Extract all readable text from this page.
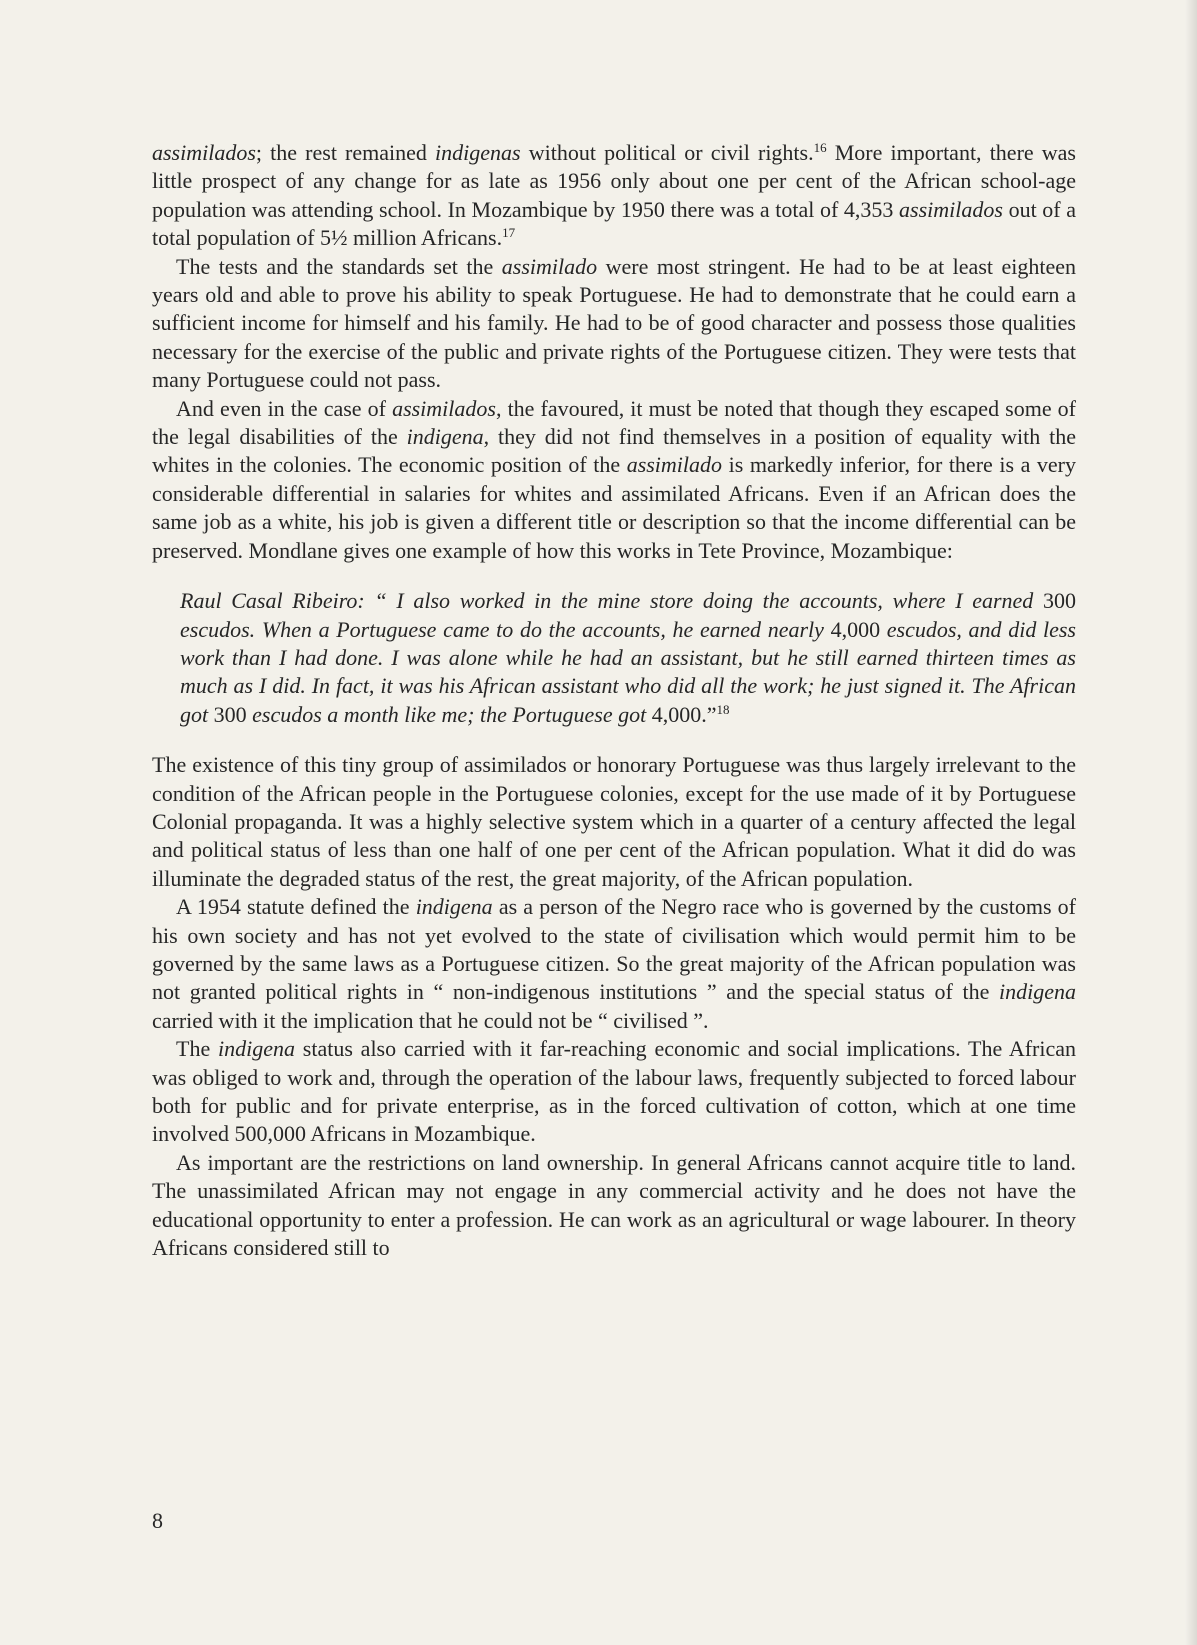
assimilados; the rest remained indigenas without political or civil rights.$^{16}$ More important, there was little prospect of any change for as late as 1956 only about one per cent of the African school-age population was attending school. In Mozambique by 1950 there was a total of 4,353 assimilados out of a total population of 5½ million Africans.$^{17}$

The tests and the standards set the assimilado were most stringent. He had to be at least eighteen years old and able to prove his ability to speak Portuguese. He had to demonstrate that he could earn a sufficient income for himself and his family. He had to be of good character and possess those qualities necessary for the exercise of the public and private rights of the Portuguese citizen. They were tests that many Portuguese could not pass.

And even in the case of assimilados, the favoured, it must be noted that though they escaped some of the legal disabilities of the indigena, they did not find themselves in a position of equality with the whites in the colonies. The economic position of the assimilado is markedly inferior, for there is a very considerable differential in salaries for whites and assimilated Africans. Even if an African does the same job as a white, his job is given a different title or description so that the income differential can be preserved. Mondlane gives one example of how this works in Tete Province, Mozambique:

Raul Casal Ribeiro: “ I also worked in the mine store doing the accounts, where I earned 300 escudos. When a Portuguese came to do the accounts, he earned nearly 4,000 escudos, and did less work than I had done. I was alone while he had an assistant, but he still earned thirteen times as much as I did. In fact, it was his African assistant who did all the work; he just signed it. The African got 300 escudos a month like me; the Portuguese got 4,000.”$^{18}$

The existence of this tiny group of assimilados or honorary Portuguese was thus largely irrelevant to the condition of the African people in the Portuguese colonies, except for the use made of it by Portuguese Colonial propaganda. It was a highly selective system which in a quarter of a century affected the legal and political status of less than one half of one per cent of the African population. What it did do was illuminate the degraded status of the rest, the great majority, of the African population.

A 1954 statute defined the indigena as a person of the Negro race who is governed by the customs of his own society and has not yet evolved to the state of civilisation which would permit him to be governed by the same laws as a Portuguese citizen. So the great majority of the African population was not granted political rights in “ non-indigenous institutions ” and the special status of the indigena carried with it the implication that he could not be “ civilised ”.

The indigena status also carried with it far-reaching economic and social implications. The African was obliged to work and, through the operation of the labour laws, frequently subjected to forced labour both for public and for private enterprise, as in the forced cultivation of cotton, which at one time involved 500,000 Africans in Mozambique.

As important are the restrictions on land ownership. In general Africans cannot acquire title to land. The unassimilated African may not engage in any commercial activity and he does not have the educational opportunity to enter a profession. He can work as an agricultural or wage labourer. In theory Africans considered still to

8
